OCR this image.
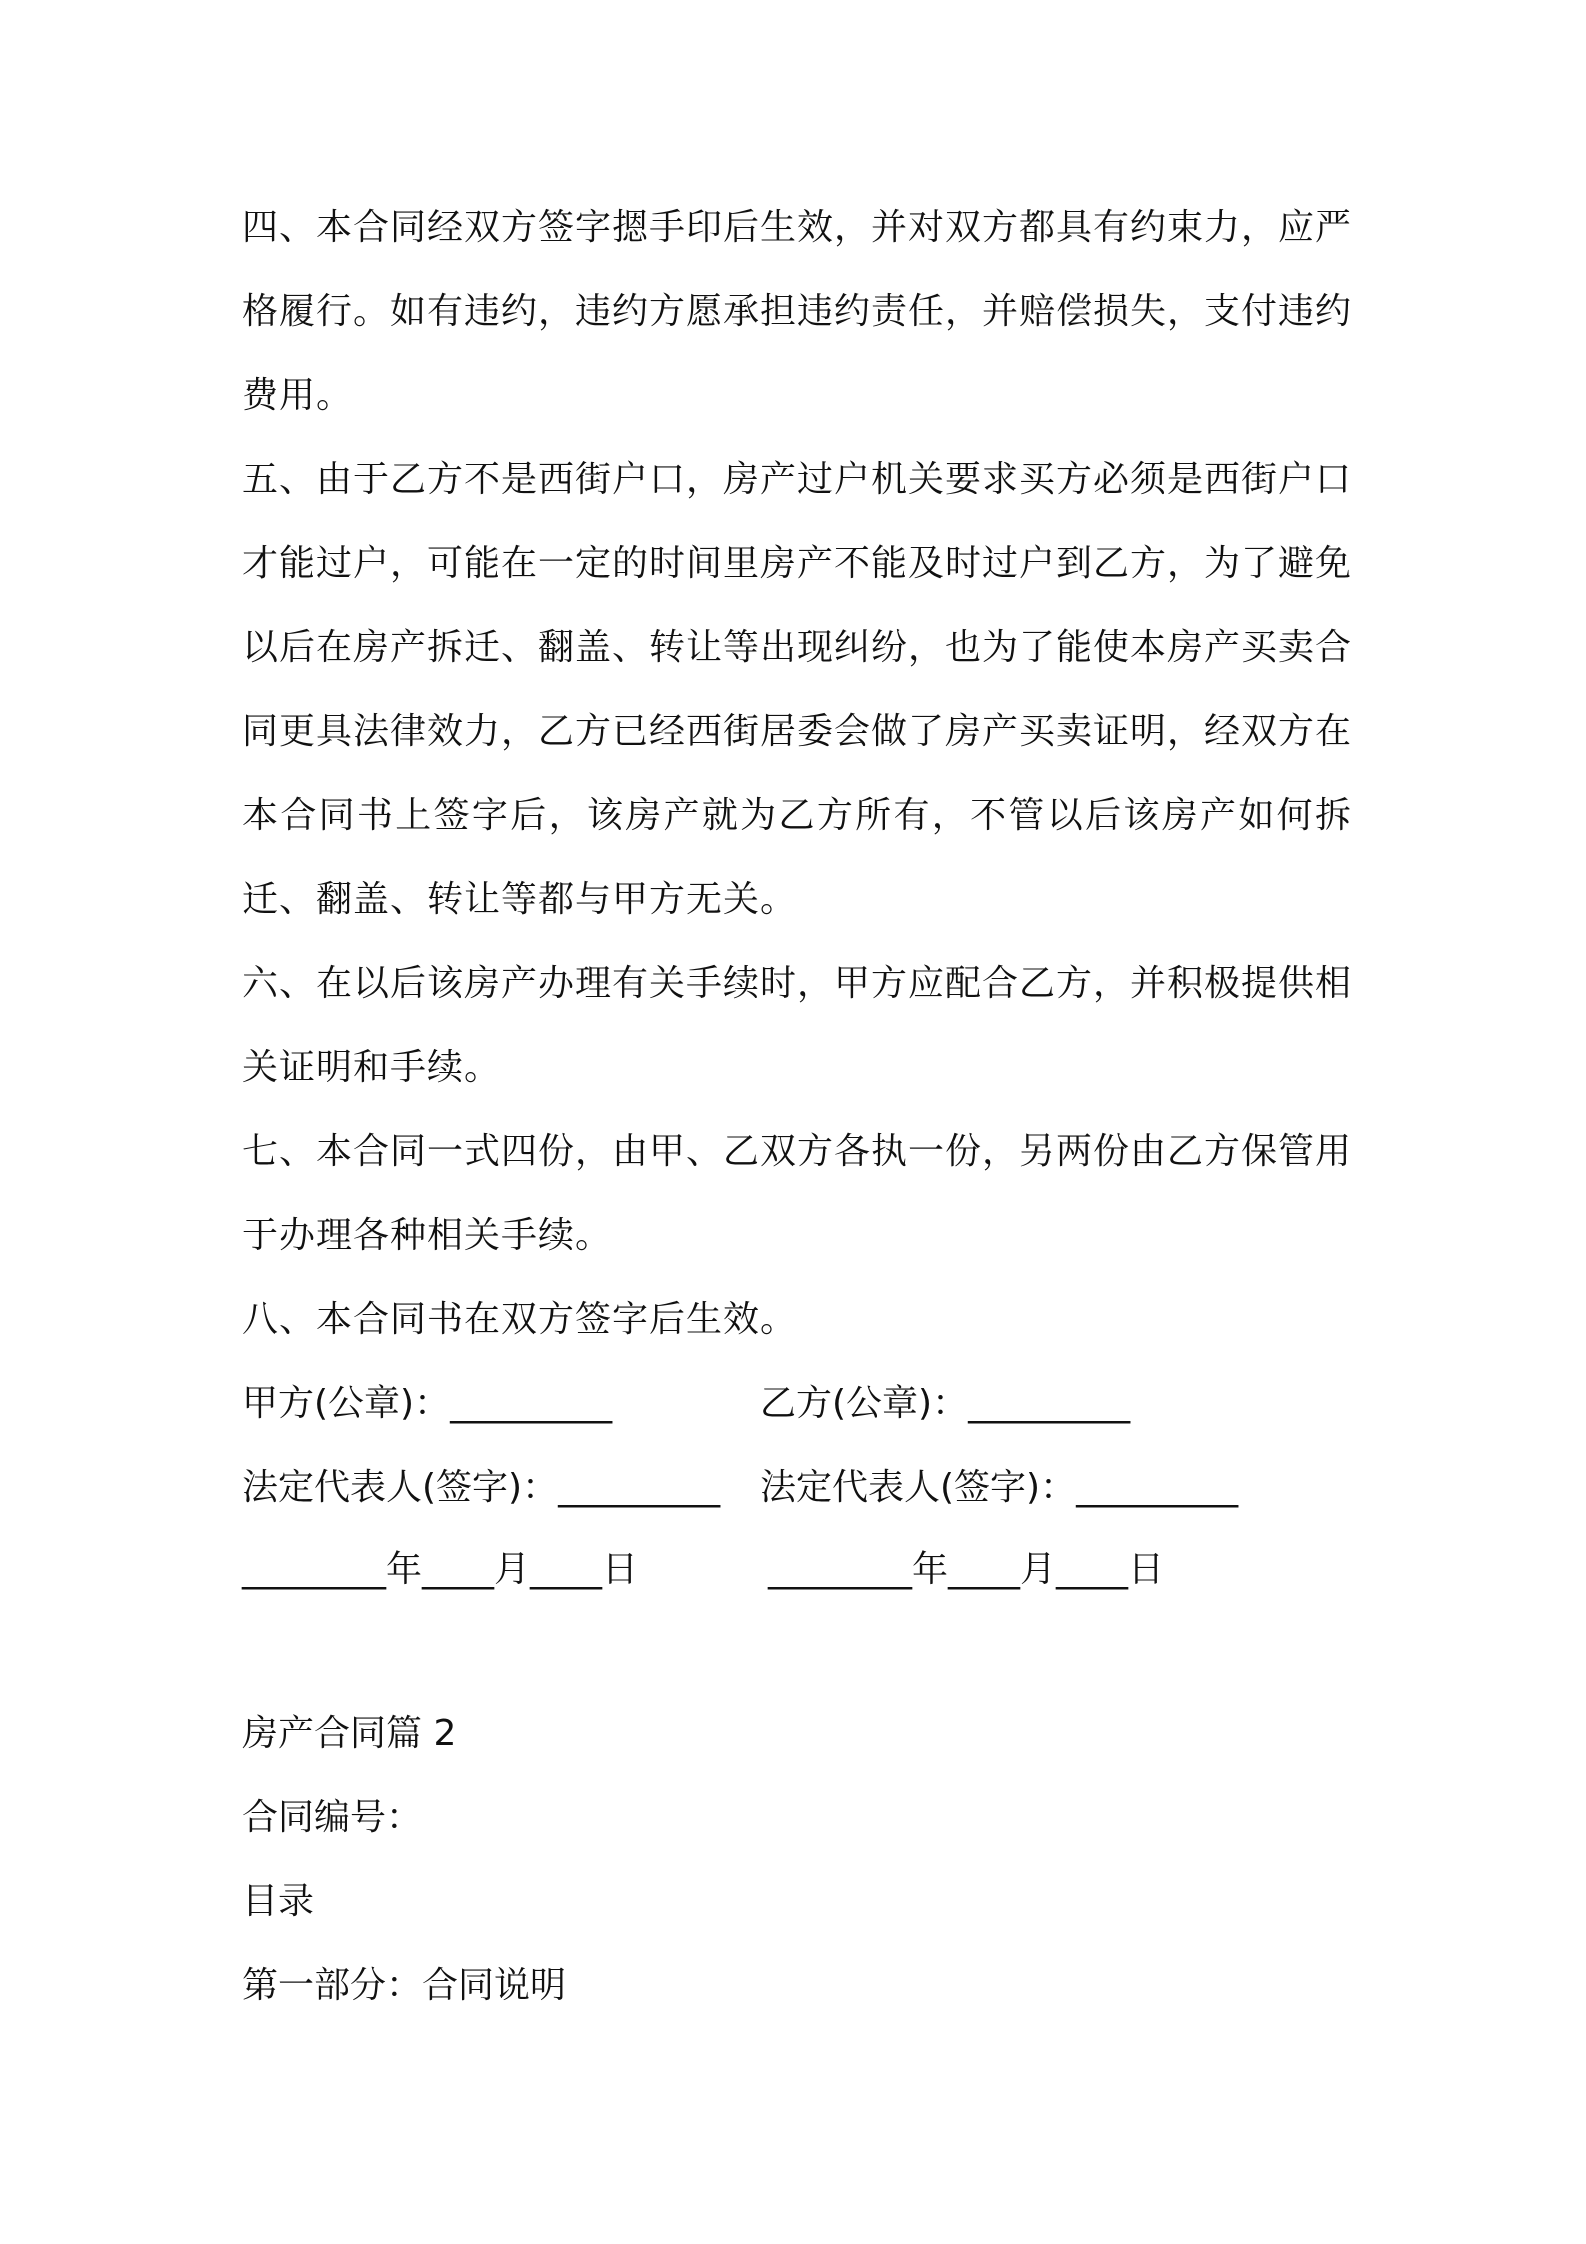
四、本合同经双方签字摁手印后生效，并对双方都具有约束力，应严格履行。如有违约，违约方愿承担违约责任，并赔偿损失，支付违约费用。

五、由于乙方不是西街户口，房产过户机关要求买方必须是西街户口才能过户，可能在一定的时间里房产不能及时过户到乙方，为了避免以后在房产拆迁、翻盖、转让等出现纠纷，也为了能使本房产买卖合同更具法律效力，乙方已经西街居委会做了房产买卖证明，经双方在本合同书上签字后，该房产就为乙方所有，不管以后该房产如何拆迁、翻盖、转让等都与甲方无关。

六、在以后该房产办理有关手续时，甲方应配合乙方，并积极提供相关证明和手续。

七、本合同一式四份，由甲、乙双方各执一份，另两份由乙方保管用于办理各种相关手续。

八、本合同书在双方签字后生效。

甲方(公章)：_________	乙方(公章)：_________
法定代表人(签字)：_________ 法定代表人(签字)：_________
________年____月____日	________年____月____日
房产合同篇 2
合同编号：
目录
第一部分：合同说明
